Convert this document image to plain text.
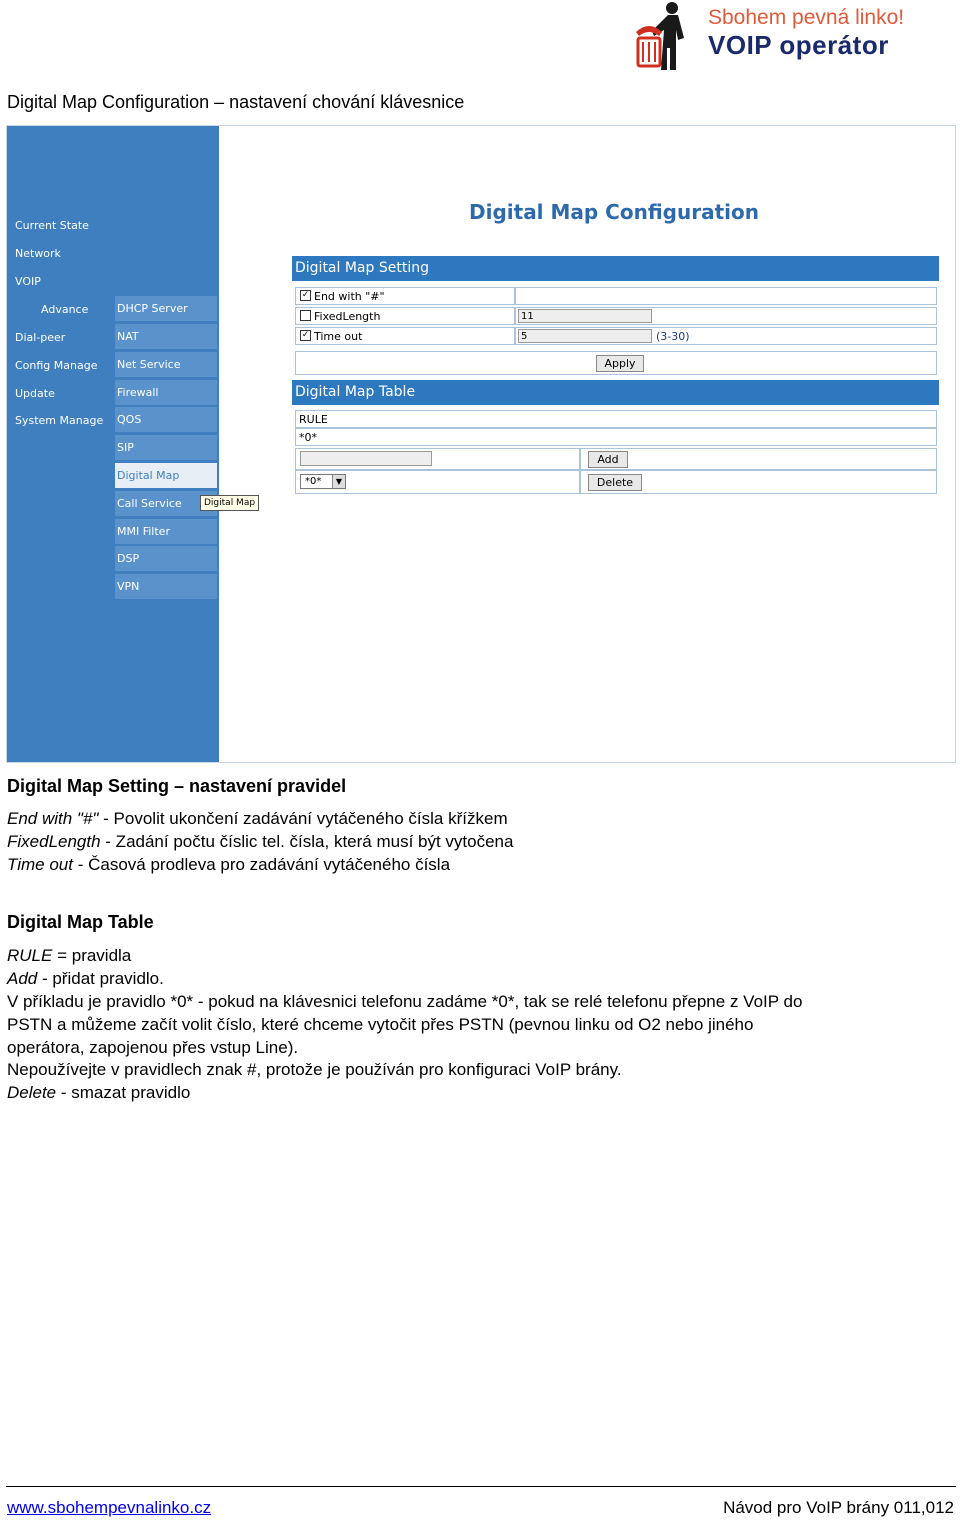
Sbohem pevná linko!
VOIP operátor
Digital Map Configuration – nastavení chování klávesnice
Current State
Network
VOIP
Advance
Dial-peer
Config Manage
Update
System Manage
DHCP Server
NAT
Net Service
Firewall
QOS
SIP
Digital Map
Call Service
MMI Filter
DSP
VPN
Digital Map
Digital Map Configuration
Digital Map Setting
✓ End with "#"
FixedLength	11
✓ Time out	5	(3-30)
Apply
Digital Map Table
RULE
*0*
Add
*0*	▼	Delete
Digital Map Setting – nastavení pravidel
End with "#" - Povolit ukončení zadávání vytáčeného čísla křížkem
FixedLength - Zadání počtu číslic tel. čísla, která musí být vytočena
Time out - Časová prodleva pro zadávání vytáčeného čísla
Digital Map Table
RULE = pravidla
Add - přidat pravidlo.
V příkladu je pravidlo *0* - pokud na klávesnici telefonu zadáme *0*, tak se relé telefonu přepne z VoIP do
PSTN a můžeme začít volit číslo, které chceme vytočit přes PSTN (pevnou linku od O2 nebo jiného
operátora, zapojenou přes vstup Line).
Nepoužívejte v pravidlech znak #, protože je používán pro konfiguraci VoIP brány.
Delete - smazat pravidlo
www.sbohempevnalinko.cz	Návod pro VoIP brány 011,012
